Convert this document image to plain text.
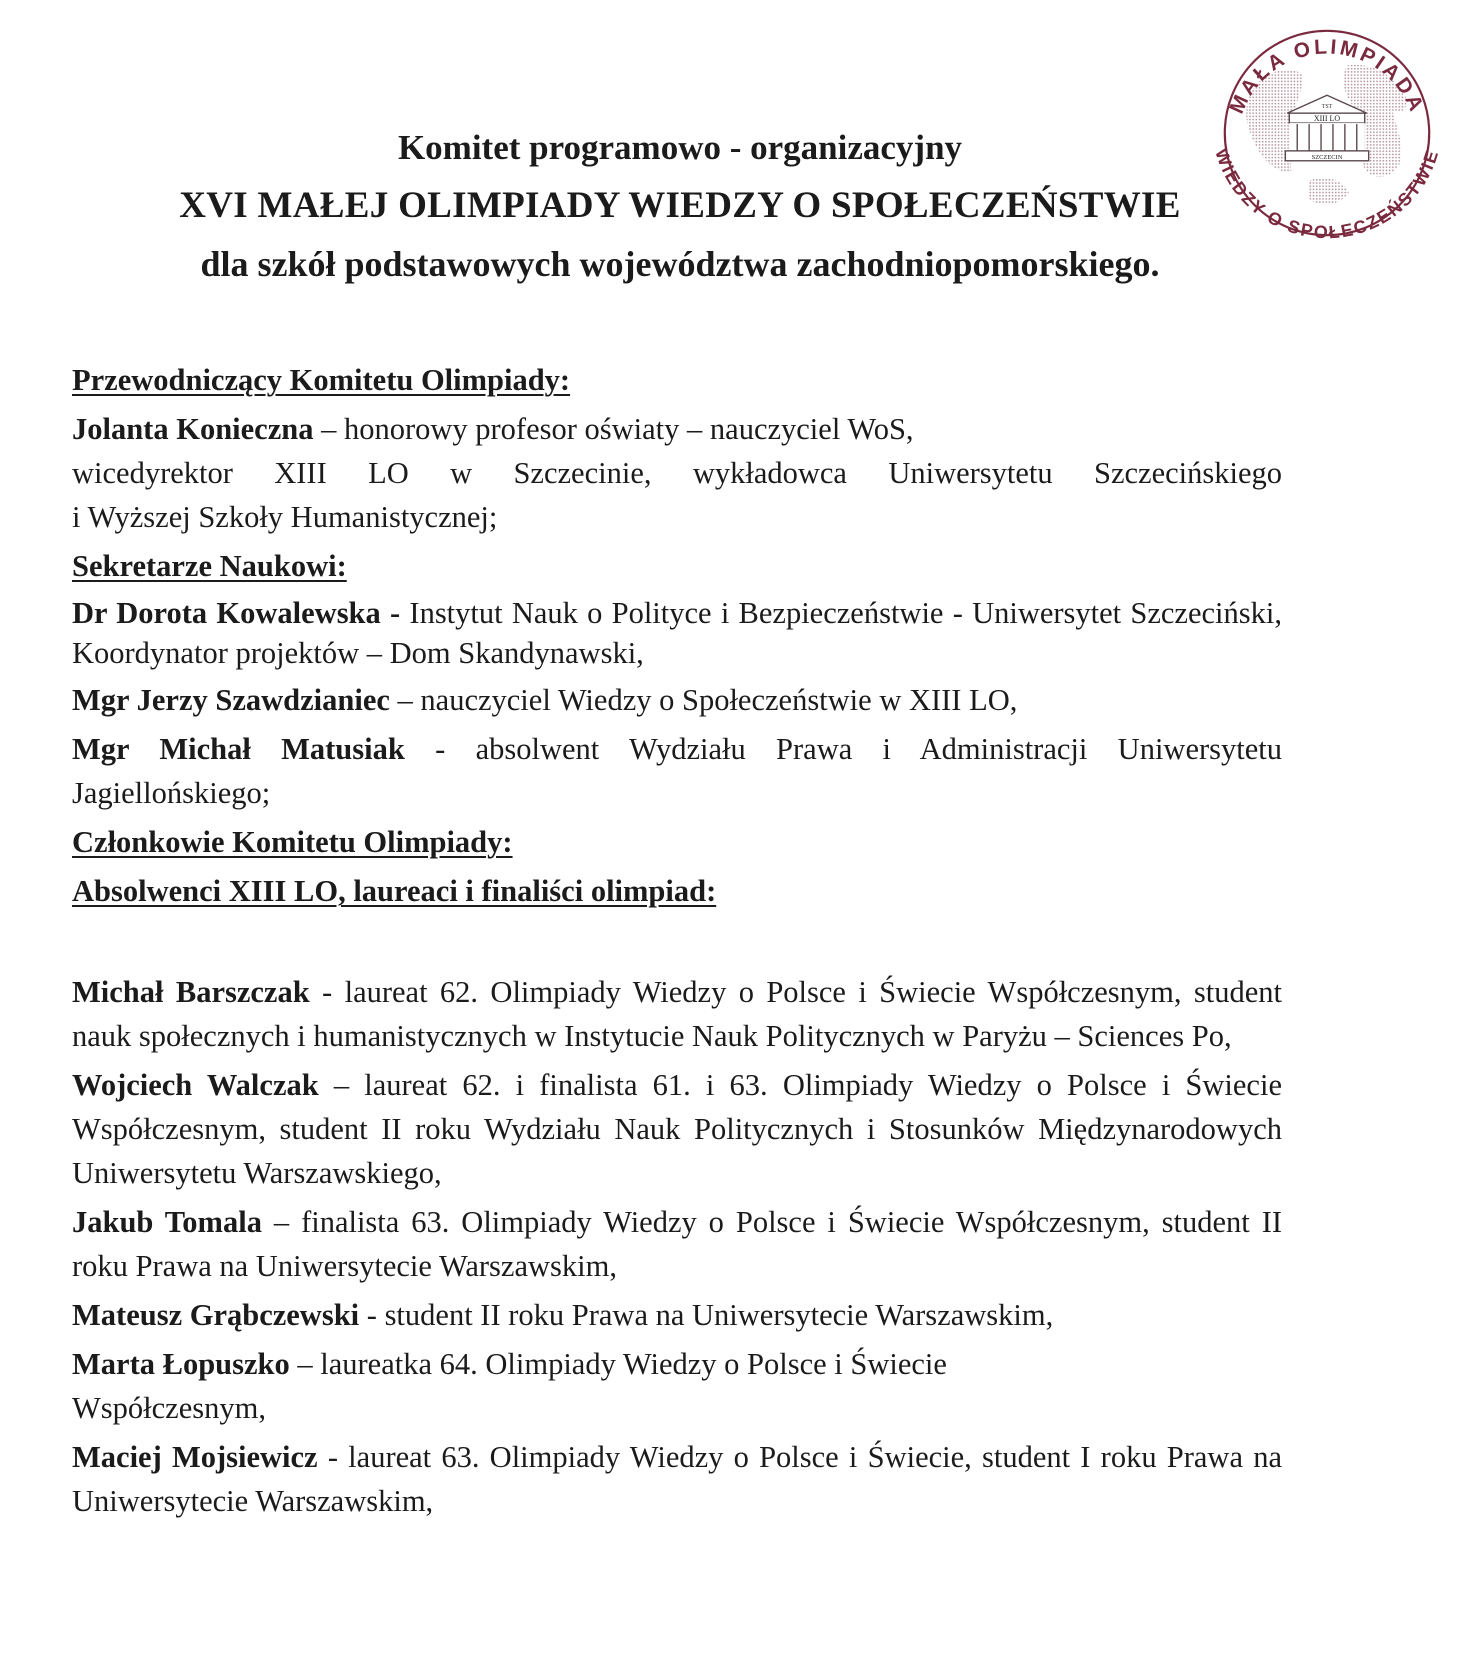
TST
XIII LO
SZCZECIN
MAŁA OLIMPIADA
WIEDZY O SPOŁECZEŃSTWIE
Komitet programowo - organizacyjny
XVI MAŁEJ OLIMPIADY WIEDZY O SPOŁECZEŃSTWIE
dla szkół podstawowych województwa zachodniopomorskiego.
Przewodniczący Komitetu Olimpiady:

Jolanta Konieczna – honorowy profesor oświaty – nauczyciel WoS,

wicedyrektor XIII LO w Szczecinie, wykładowca Uniwersytetu Szczecińskiego

i Wyższej Szkoły Humanistycznej;

Sekretarze Naukowi:

Dr Dorota Kowalewska - Instytut Nauk o Polityce i Bezpieczeństwie - Uniwersytet Szczeciński, Koordynator projektów – Dom Skandynawski,

Mgr Jerzy Szawdzianiec – nauczyciel Wiedzy o Społeczeństwie w XIII LO,

Mgr Michał Matusiak - absolwent Wydziału Prawa i Administracji Uniwersytetu Jagiellońskiego;

Członkowie Komitetu Olimpiady:
Absolwenci XIII LO, laureaci i finaliści olimpiad:

Michał Barszczak - laureat 62. Olimpiady Wiedzy o Polsce i Świecie Współczesnym, student nauk społecznych i humanistycznych w Instytucie Nauk Politycznych w Paryżu – Sciences Po,

Wojciech Walczak – laureat 62. i finalista 61. i 63. Olimpiady Wiedzy o Polsce i Świecie Współczesnym, student II roku Wydziału Nauk Politycznych i Stosunków Międzynarodowych Uniwersytetu Warszawskiego,

Jakub Tomala – finalista 63. Olimpiady Wiedzy o Polsce i Świecie Współczesnym, student II roku Prawa na Uniwersytecie Warszawskim,

Mateusz Grąbczewski - student II roku Prawa na Uniwersytecie Warszawskim,

Marta Łopuszko – laureatka 64. Olimpiady Wiedzy o Polsce i Świecie

Współczesnym,

Maciej Mojsiewicz - laureat 63. Olimpiady Wiedzy o Polsce i Świecie, student I roku Prawa na Uniwersytecie Warszawskim,
